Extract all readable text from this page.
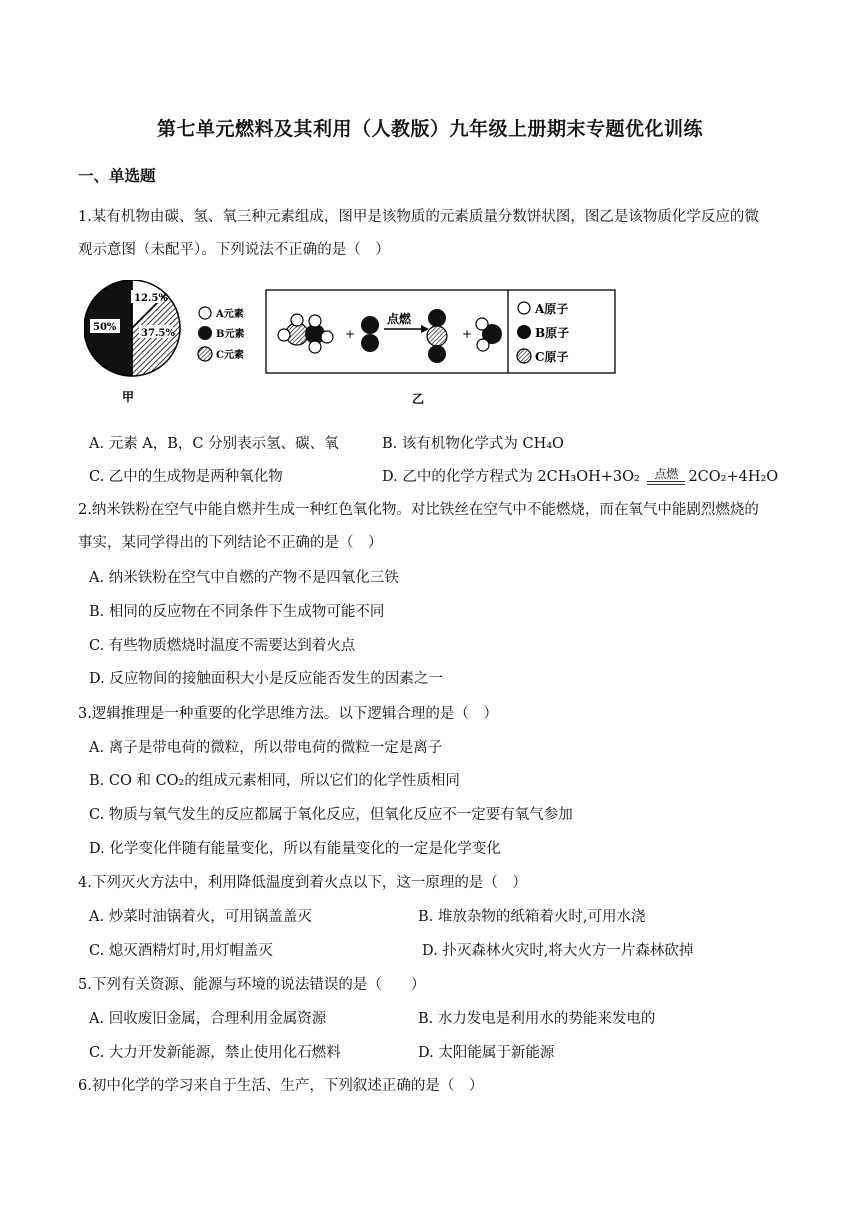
第七单元燃料及其利用（人教版）九年级上册期末专题优化训练
一、单选题
1.某有机物由碳、氢、氧三种元素组成，图甲是该物质的元素质量分数饼状图，图乙是该物质化学反应的微
观示意图（未配平）。下列说法不正确的是（　）
12.5%
37.5%
50%
甲
A元素
B元素
C元素
+
点燃
+
A原子
B原子
C原子
乙
A. 元素 A，B，C 分别表示氢、碳、氧	B. 该有机物化学式为 CH₄O
C. 乙中的生成物是两种氧化物	D. 乙中的化学方程式为 2CH₃OH+3O₂ 点燃 2CO₂+4H₂O
2.纳米铁粉在空气中能自燃并生成一种红色氧化物。对比铁丝在空气中不能燃烧，而在氧气中能剧烈燃烧的
事实，某同学得出的下列结论不正确的是（　）
A. 纳米铁粉在空气中自燃的产物不是四氧化三铁
B. 相同的反应物在不同条件下生成物可能不同
C. 有些物质燃烧时温度不需要达到着火点
D. 反应物间的接触面积大小是反应能否发生的因素之一
3.逻辑推理是一种重要的化学思维方法。以下逻辑合理的是（　）
A. 离子是带电荷的微粒，所以带电荷的微粒一定是离子
B. CO 和 CO₂的组成元素相同，所以它们的化学性质相同
C. 物质与氧气发生的反应都属于氧化反应，但氧化反应不一定要有氧气参加
D. 化学变化伴随有能量变化，所以有能量变化的一定是化学变化
4.下列灭火方法中，利用降低温度到着火点以下，这一原理的是（　）
A. 炒菜时油锅着火，可用锅盖盖灭	B. 堆放杂物的纸箱着火时,可用水浇
C. 熄灭酒精灯时,用灯帽盖灭	D. 扑灭森林火灾时,将大火方一片森林砍掉
5.下列有关资源、能源与环境的说法错误的是（　　）
A. 回收废旧金属，合理利用金属资源	B. 水力发电是利用水的势能来发电的
C. 大力开发新能源，禁止使用化石燃料	D. 太阳能属于新能源
6.初中化学的学习来自于生活、生产，下列叙述正确的是（　）
